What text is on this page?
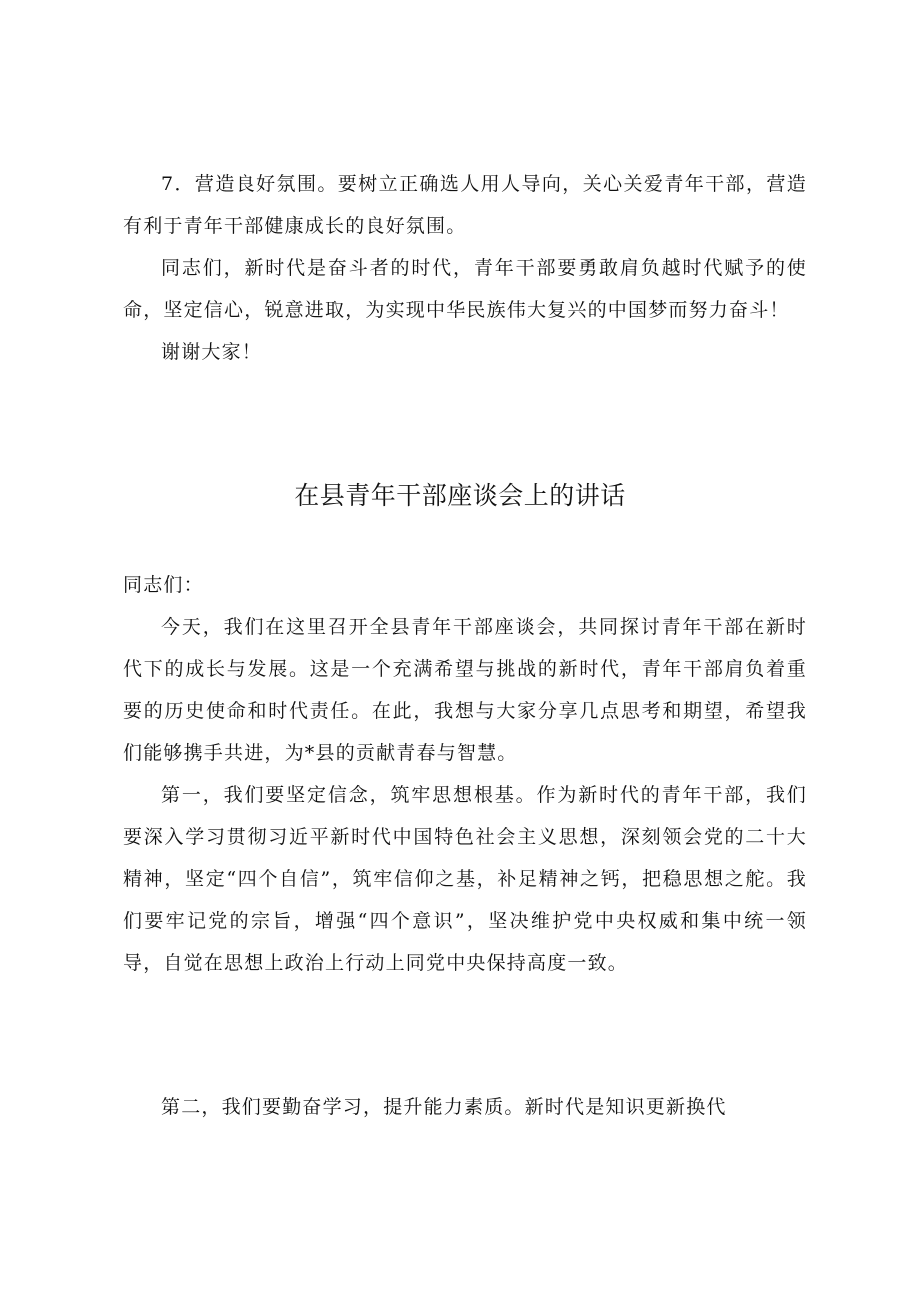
7．营造良好氛围。要树立正确选人用人导向，关心关爱青年干部，营造有利于青年干部健康成长的良好氛围。

同志们，新时代是奋斗者的时代，青年干部要勇敢肩负越时代赋予的使命，坚定信心，锐意进取，为实现中华民族伟大复兴的中国梦而努力奋斗！

谢谢大家！

在县青年干部座谈会上的讲话

同志们：

今天，我们在这里召开全县青年干部座谈会，共同探讨青年干部在新时代下的成长与发展。这是一个充满希望与挑战的新时代，青年干部肩负着重要的历史使命和时代责任。在此，我想与大家分享几点思考和期望，希望我们能够携手共进，为*县的贡献青春与智慧。

第一，我们要坚定信念，筑牢思想根基。作为新时代的青年干部，我们要深入学习贯彻习近平新时代中国特色社会主义思想，深刻领会党的二十大精神，坚定“四个自信”，筑牢信仰之基，补足精神之钙，把稳思想之舵。我们要牢记党的宗旨，增强“四个意识”，坚决维护党中央权威和集中统一领导，自觉在思想上政治上行动上同党中央保持高度一致。

第二，我们要勤奋学习，提升能力素质。新时代是知识更新换代
